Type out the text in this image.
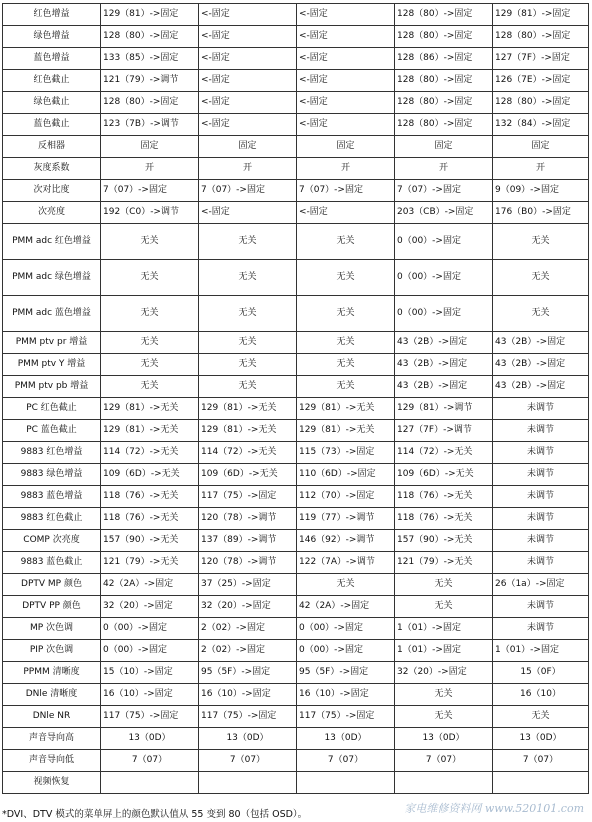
红色增益	129（81）->固定	<-固定	<-固定	128（80）->固定	129（81）->固定
绿色增益	128（80）->固定	<-固定	<-固定	128（80）->固定	128（80）->固定
蓝色增益	133（85）->固定	<-固定	<-固定	128（86）->固定	127（7F）->固定
红色截止	121（79）->调节	<-固定	<-固定	128（80）->固定	126（7E）->固定
绿色截止	128（80）->固定	<-固定	<-固定	128（80）->固定	128（80）->固定
蓝色截止	123（7B）->调节	<-固定	<-固定	128（80）->固定	132（84）->固定
反相器	固定	固定	固定	固定	固定
灰度系数	开	开	开	开	开
次对比度	7（07）->固定	7（07）->固定	7（07）->固定	7（07）->固定	9（09）->固定
次亮度	192（C0）->调节	<-固定	<-固定	203（CB）->固定	176（B0）->固定
PMM adc 红色增益	无关	无关	无关	0（00）->固定	无关
PMM adc 绿色增益	无关	无关	无关	0（00）->固定	无关
PMM adc 蓝色增益	无关	无关	无关	0（00）->固定	无关
PMM ptv pr 增益	无关	无关	无关	43（2B）->固定	43（2B）->固定
PMM ptv Y 增益	无关	无关	无关	43（2B）->固定	43（2B）->固定
PMM ptv pb 增益	无关	无关	无关	43（2B）->固定	43（2B）->固定
PC 红色截止	129（81）->无关	129（81）->无关	129（81）->无关	129（81）->调节	未调节
PC 蓝色截止	129（81）->无关	129（81）->无关	129（81）->无关	127（7F）->调节	未调节
9883 红色增益	114（72）->无关	114（72）->无关	115（73）->固定	114（72）->无关	未调节
9883 绿色增益	109（6D）->无关	109（6D）->无关	110（6D）->固定	109（6D）->无关	未调节
9883 蓝色增益	118（76）->无关	117（75）->固定	112（70）->固定	118（76）->无关	未调节
9883 红色截止	118（76）->无关	120（78）->调节	119（77）->调节	118（76）->无关	未调节
COMP 次亮度	157（90）->无关	137（89）->调节	146（92）->调节	157（90）->无关	未调节
9883 蓝色截止	121（79）->无关	120（78）->调节	122（7A）->调节	121（79）->无关	未调节
DPTV MP 颜色	42（2A）->固定	37（25）->固定	无关	无关	26（1a）->固定
DPTV PP 颜色	32（20）->固定	32（20）->固定	42（2A）->固定	无关	未调节
MP 次色调	0（00）->固定	2（02）->固定	0（00）->固定	1（01）->固定	未调节
PIP 次色调	0（00）->固定	2（02）->固定	0（00）->固定	1（01）->固定	1（01）->固定
PPMM 清晰度	15（10）->固定	95（5F）->固定	95（5F）->固定	32（20）->固定	15（0F）
DNle 清晰度	16（10）->固定	16（10）->固定	16（10）->固定	无关	16（10）
DNle NR	117（75）->固定	117（75）->固定	117（75）->固定	无关	无关
声音导向高	13（0D）	13（0D）	13（0D）	13（0D）	13（0D）
声音导向低	7（07）	7（07）	7（07）	7（07）	7（07）
视频恢复					
*DVI、DTV 模式的菜单屏上的颜色默认值从 55 变到 80（包括 OSD）。	家电维修资料网 www.520101.com
